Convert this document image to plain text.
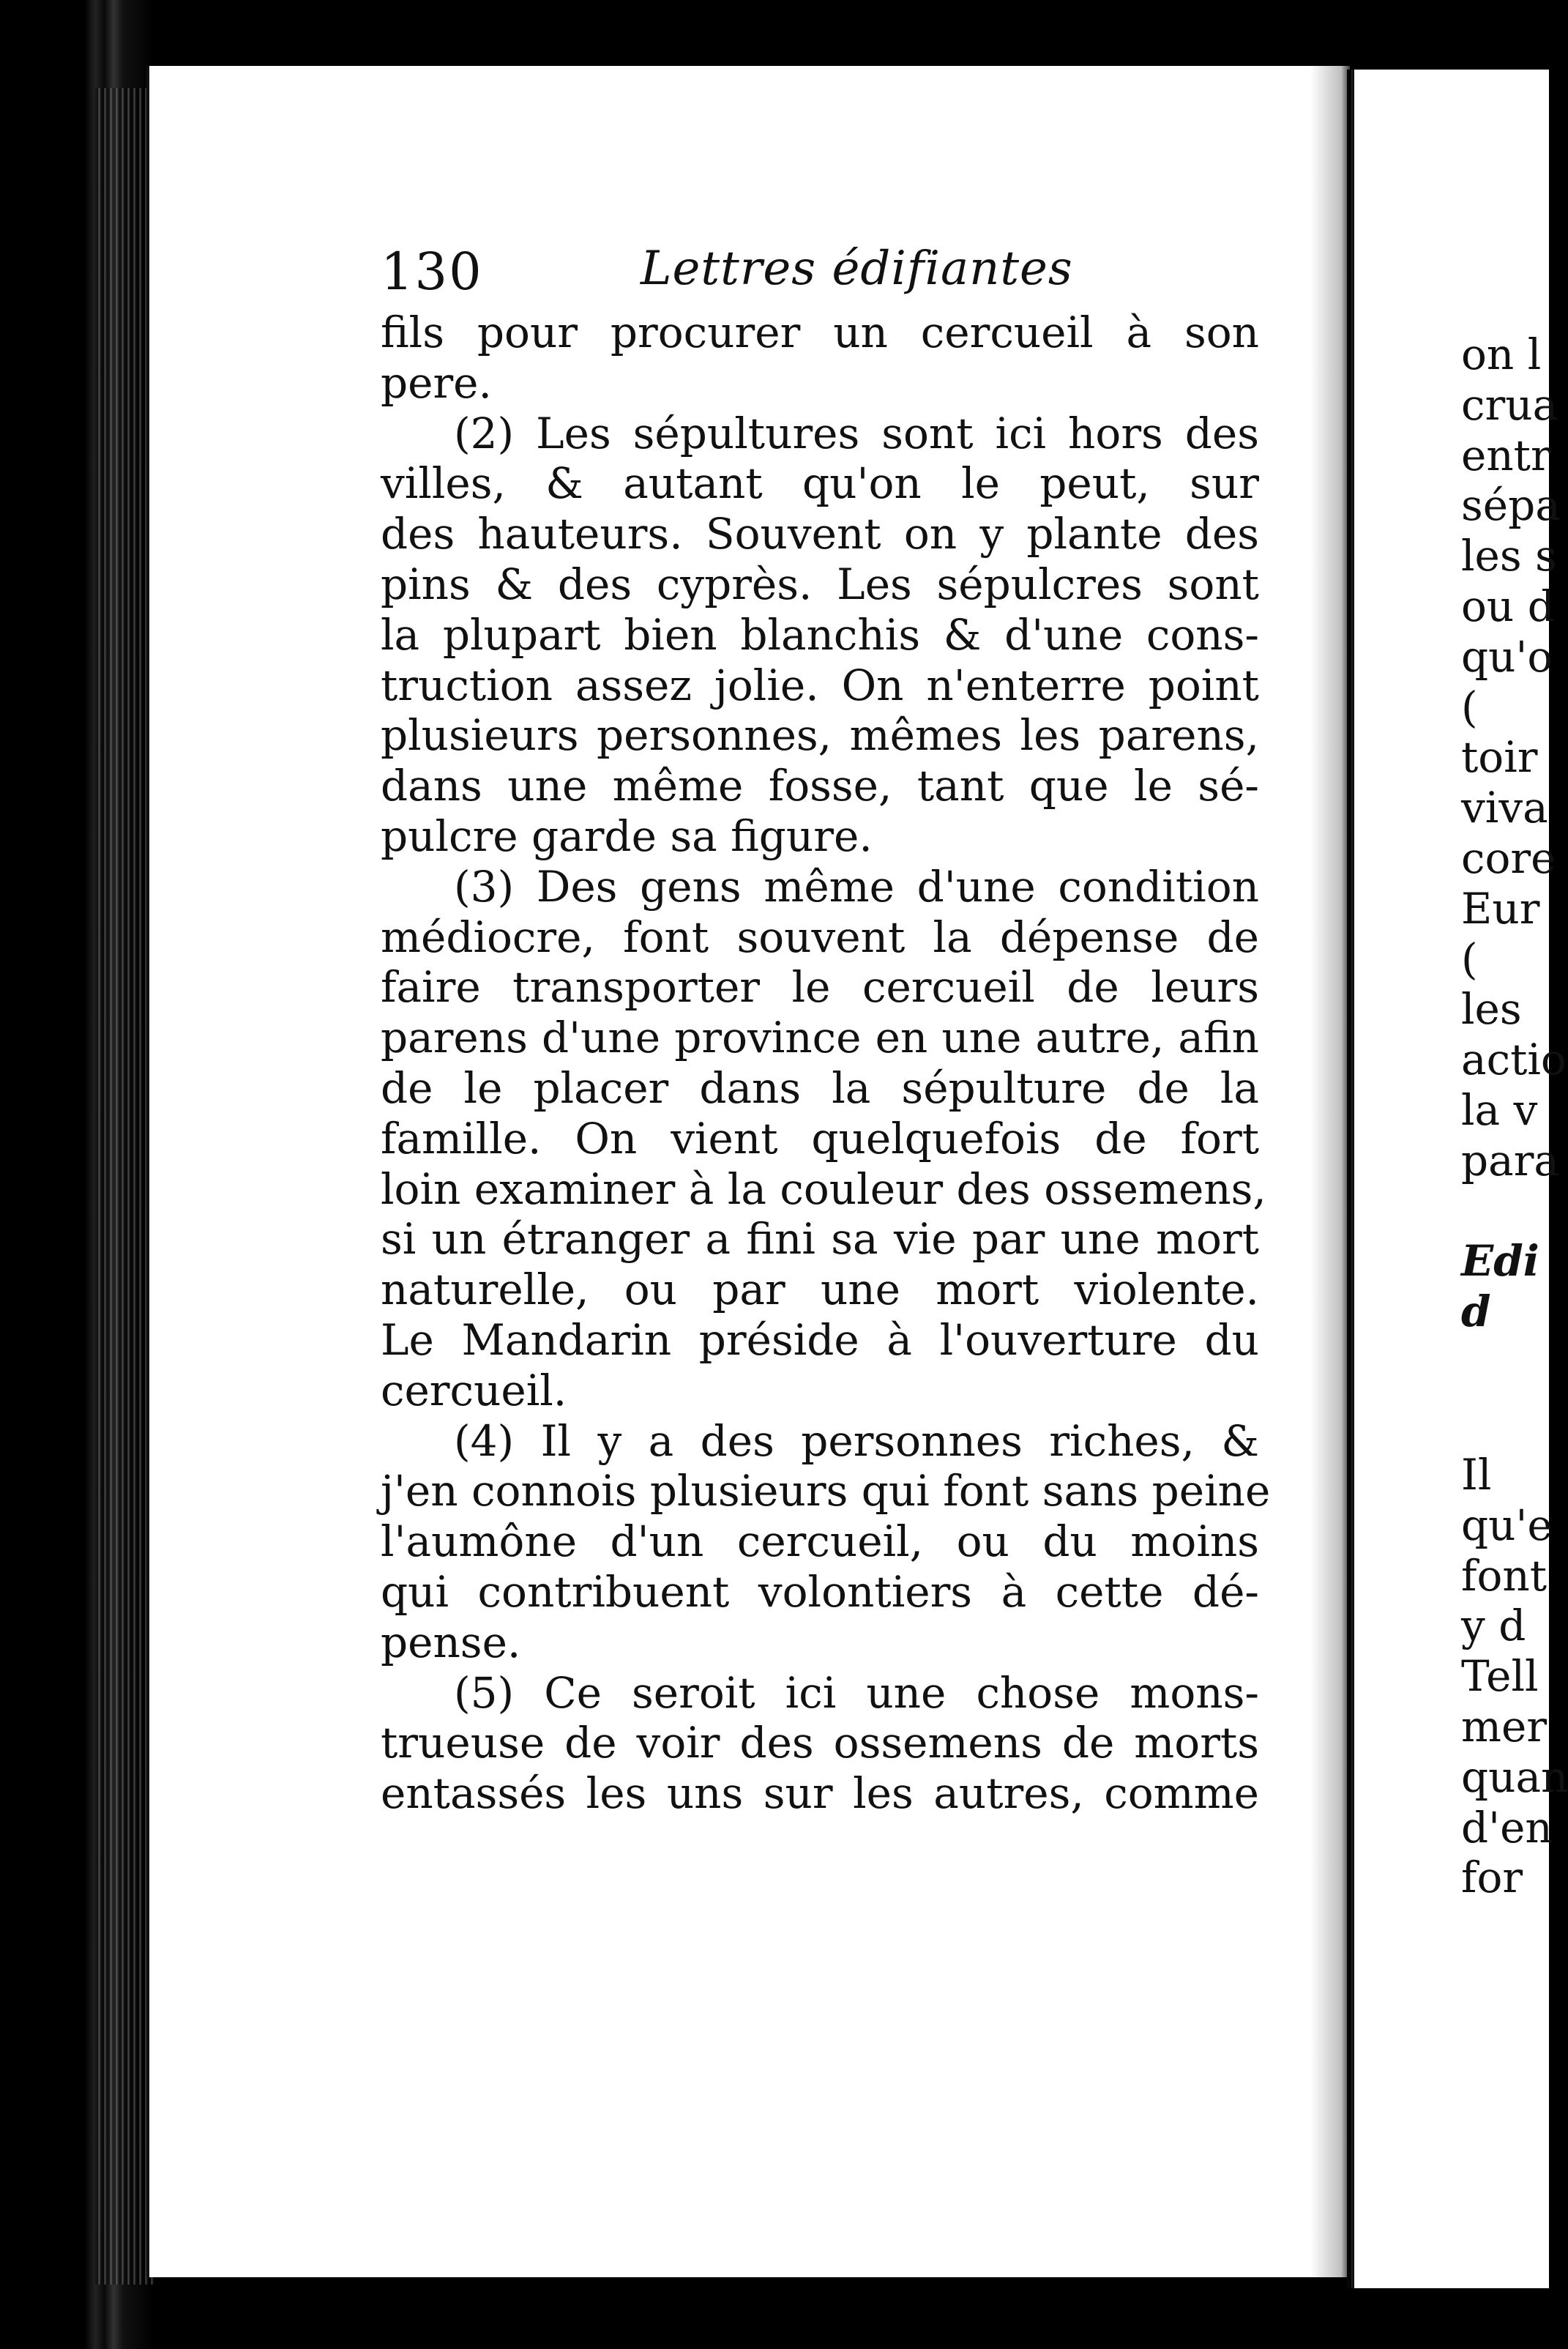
on l
crua
entr
sépa
les s
ou d
qu'o
(
toir
viva
core
Eur
(
les
actio
la v
para
Edi
d
Il
qu'e
font
y d
Tell
mer
quan
d'en
for
130	Lettres édifiantes
fils pour procurer un cercueil à son
pere.
(2) Les sépultures sont ici hors des
villes, & autant qu'on le peut, sur
des hauteurs. Souvent on y plante des
pins & des cyprès. Les sépulcres sont
la plupart bien blanchis & d'une cons-
truction assez jolie. On n'enterre point
plusieurs personnes, mêmes les parens,
dans une même fosse, tant que le sé-
pulcre garde sa figure.
(3) Des gens même d'une condition
médiocre, font souvent la dépense de
faire transporter le cercueil de leurs
parens d'une province en une autre, afin
de le placer dans la sépulture de la
famille. On vient quelquefois de fort
loin examiner à la couleur des ossemens,
si un étranger a fini sa vie par une mort
naturelle, ou par une mort violente.
Le Mandarin préside à l'ouverture du
cercueil.
(4) Il y a des personnes riches, &
j'en connois plusieurs qui font sans peine
l'aumône d'un cercueil, ou du moins
qui contribuent volontiers à cette dé-
pense.
(5) Ce seroit ici une chose mons-
trueuse de voir des ossemens de morts
entassés les uns sur les autres, comme
